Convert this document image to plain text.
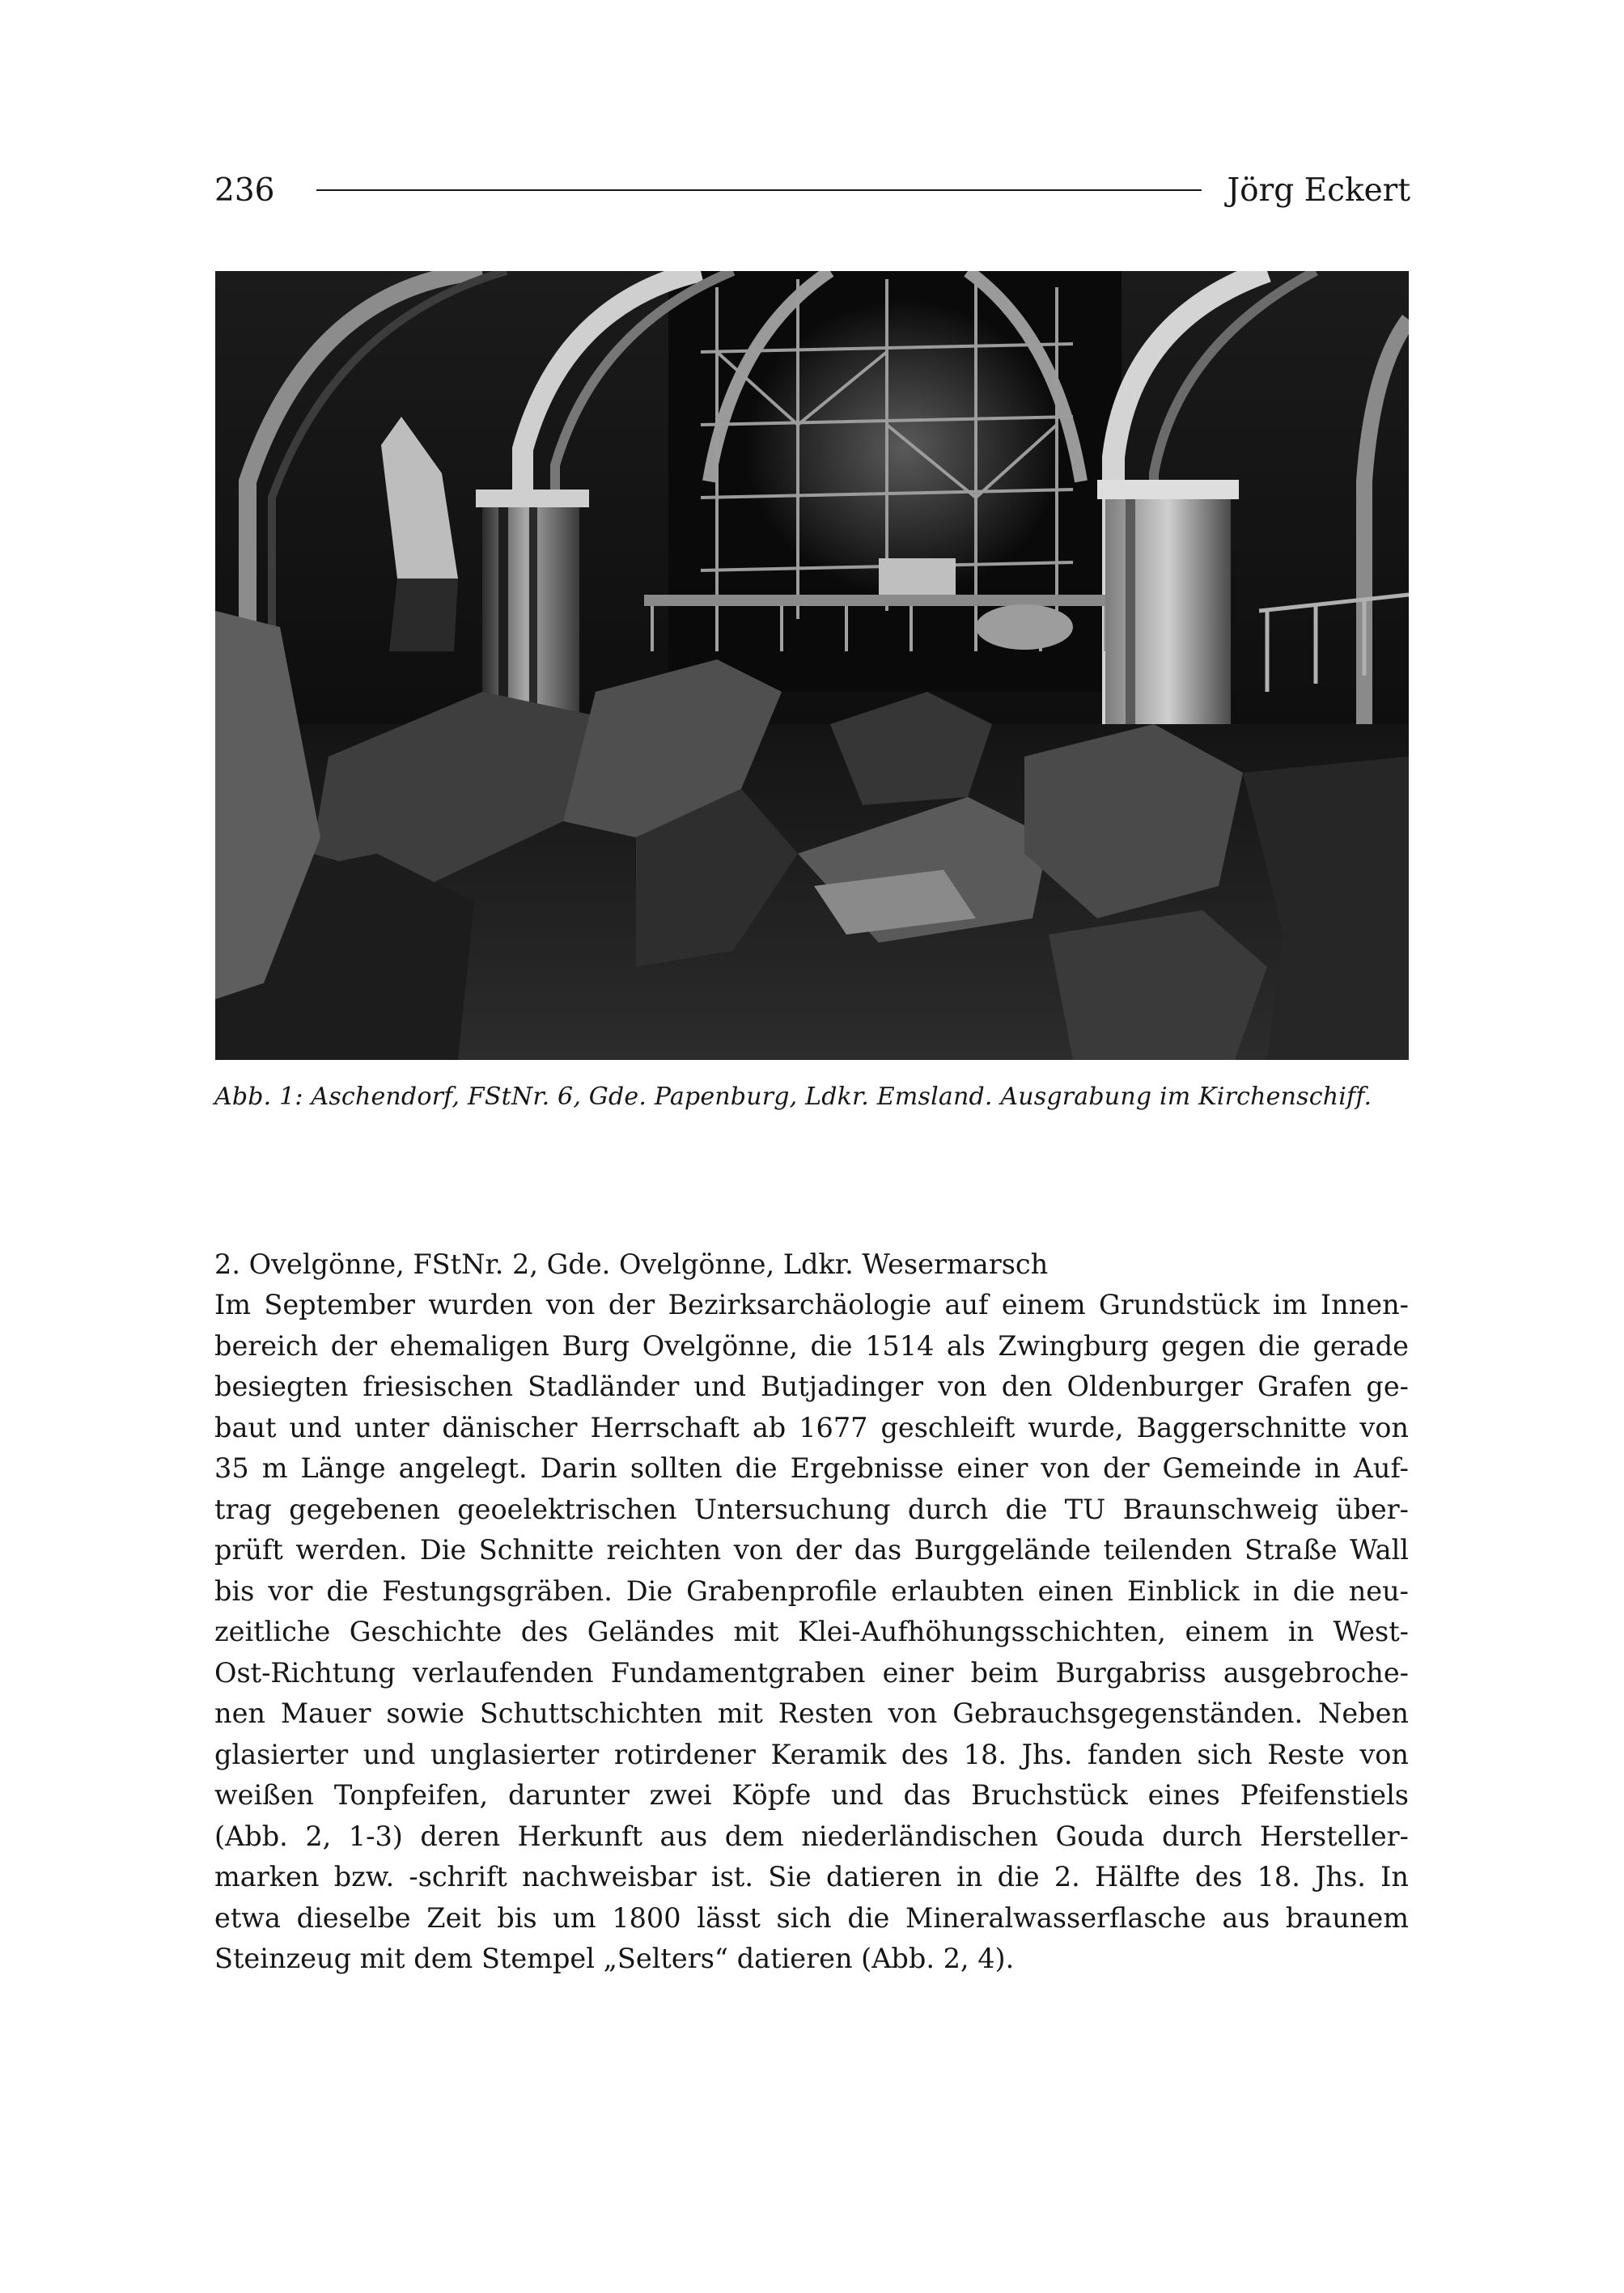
236	Jörg Eckert

Abb. 1: Aschendorf, FStNr. 6, Gde. Papenburg, Ldkr. Emsland. Ausgrabung im Kirchenschiff.

2. Ovelgönne, FStNr. 2, Gde. Ovelgönne, Ldkr. Wesermarsch
Im September wurden von der Bezirksarchäologie auf einem Grundstück im Innen-
bereich der ehemaligen Burg Ovelgönne, die 1514 als Zwingburg gegen die gerade
besiegten friesischen Stadländer und Butjadinger von den Oldenburger Grafen ge-
baut und unter dänischer Herrschaft ab 1677 geschleift wurde, Baggerschnitte von
35 m Länge angelegt. Darin sollten die Ergebnisse einer von der Gemeinde in Auf-
trag gegebenen geoelektrischen Untersuchung durch die TU Braunschweig über-
prüft werden. Die Schnitte reichten von der das Burggelände teilenden Straße Wall
bis vor die Festungsgräben. Die Grabenprofile erlaubten einen Einblick in die neu-
zeitliche Geschichte des Geländes mit Klei-Aufhöhungsschichten, einem in West-
Ost-Richtung verlaufenden Fundamentgraben einer beim Burgabriss ausgebroche-
nen Mauer sowie Schuttschichten mit Resten von Gebrauchsgegenständen. Neben
glasierter und unglasierter rotirdener Keramik des 18. Jhs. fanden sich Reste von
weißen Tonpfeifen, darunter zwei Köpfe und das Bruchstück eines Pfeifenstiels
(Abb. 2, 1-3) deren Herkunft aus dem niederländischen Gouda durch Hersteller-
marken bzw. -schrift nachweisbar ist. Sie datieren in die 2. Hälfte des 18. Jhs. In
etwa dieselbe Zeit bis um 1800 lässt sich die Mineralwasserflasche aus braunem
Steinzeug mit dem Stempel „Selters“ datieren (Abb. 2, 4).
